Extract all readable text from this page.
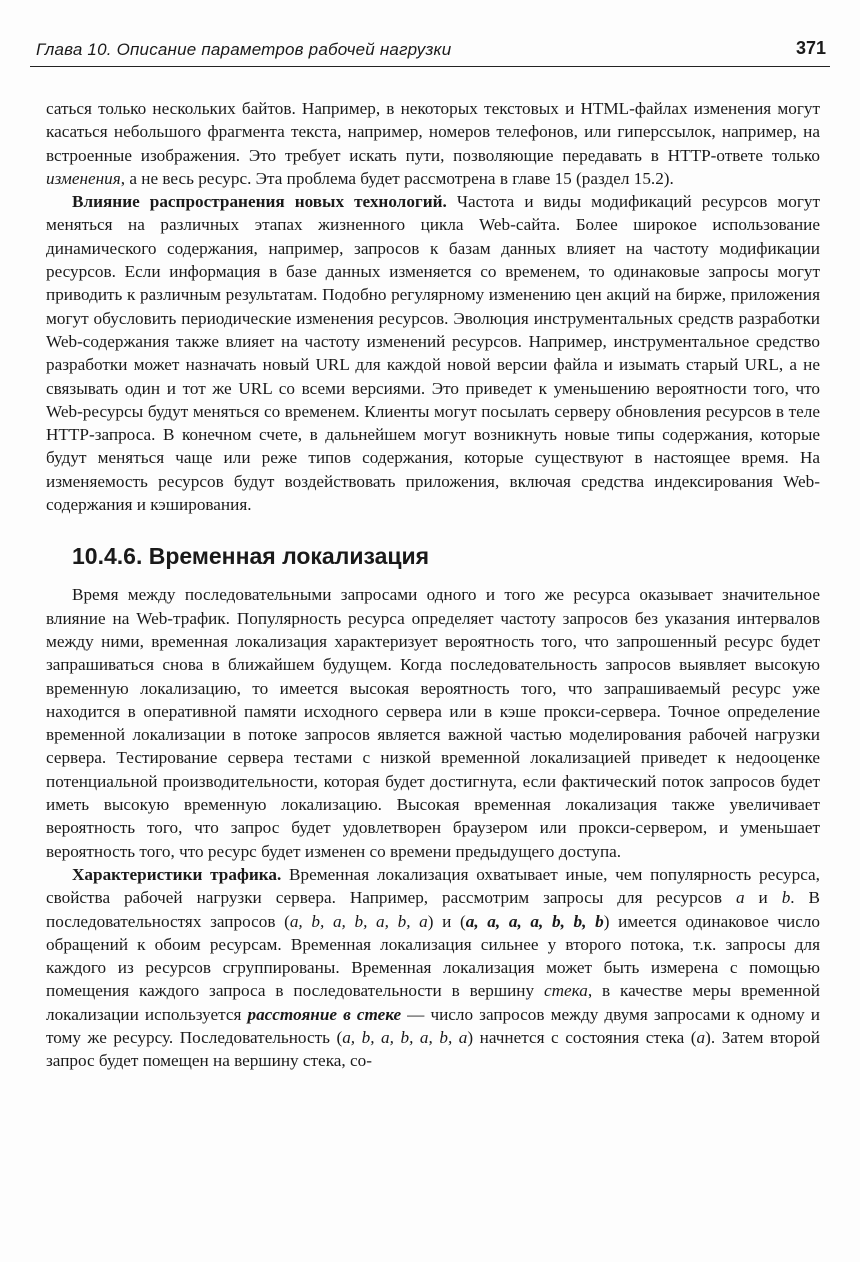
Глава 10. Описание параметров рабочей нагрузки	371

саться только нескольких байтов. Например, в некоторых текстовых и HTML-файлах изменения могут касаться небольшого фрагмента текста, например, номеров телефонов, или гиперссылок, например, на встроенные изображения. Это требует искать пути, позволяющие передавать в HTTP-ответе только изменения, а не весь ресурс. Эта проблема будет рассмотрена в главе 15 (раздел 15.2).

Влияние распространения новых технологий. Частота и виды модификаций ресурсов могут меняться на различных этапах жизненного цикла Web-сайта. Более широкое использование динамического содержания, например, запросов к базам данных влияет на частоту модификации ресурсов. Если информация в базе данных изменяется со временем, то одинаковые запросы могут приводить к различным результатам. Подобно регулярному изменению цен акций на бирже, приложения могут обусловить периодические изменения ресурсов. Эволюция инструментальных средств разработки Web-содержания также влияет на частоту изменений ресурсов. Например, инструментальное средство разработки может назначать новый URL для каждой новой версии файла и изымать старый URL, а не связывать один и тот же URL со всеми версиями. Это приведет к уменьшению вероятности того, что Web-ресурсы будут меняться со временем. Клиенты могут посылать серверу обновления ресурсов в теле HTTP-запроса. В конечном счете, в дальнейшем могут возникнуть новые типы содержания, которые будут меняться чаще или реже типов содержания, которые существуют в настоящее время. На изменяемость ресурсов будут воздействовать приложения, включая средства индексирования Web-содержания и кэширования.

10.4.6. Временная локализация

Время между последовательными запросами одного и того же ресурса оказывает значительное влияние на Web-трафик. Популярность ресурса определяет частоту запросов без указания интервалов между ними, временная локализация характеризует вероятность того, что запрошенный ресурс будет запрашиваться снова в ближайшем будущем. Когда последовательность запросов выявляет высокую временную локализацию, то имеется высокая вероятность того, что запрашиваемый ресурс уже находится в оперативной памяти исходного сервера или в кэше прокси-сервера. Точное определение временной локализации в потоке запросов является важной частью моделирования рабочей нагрузки сервера. Тестирование сервера тестами с низкой временной локализацией приведет к недооценке потенциальной производительности, которая будет достигнута, если фактический поток запросов будет иметь высокую временную локализацию. Высокая временная локализация также увеличивает вероятность того, что запрос будет удовлетворен браузером или прокси-сервером, и уменьшает вероятность того, что ресурс будет изменен со времени предыдущего доступа.

Характеристики трафика. Временная локализация охватывает иные, чем популярность ресурса, свойства рабочей нагрузки сервера. Например, рассмотрим запросы для ресурсов a и b. В последовательностях запросов (a, b, a, b, a, b, a) и (a, a, a, a, b, b, b) имеется одинаковое число обращений к обоим ресурсам. Временная локализация сильнее у второго потока, т.к. запросы для каждого из ресурсов сгруппированы. Временная локализация может быть измерена с помощью помещения каждого запроса в последовательности в вершину стека, в качестве меры временной локализации используется расстояние в стеке — число запросов между двумя запросами к одному и тому же ресурсу. Последовательность (a, b, a, b, a, b, a) начнется с состояния стека (a). Затем второй запрос будет помещен на вершину стека, со-
